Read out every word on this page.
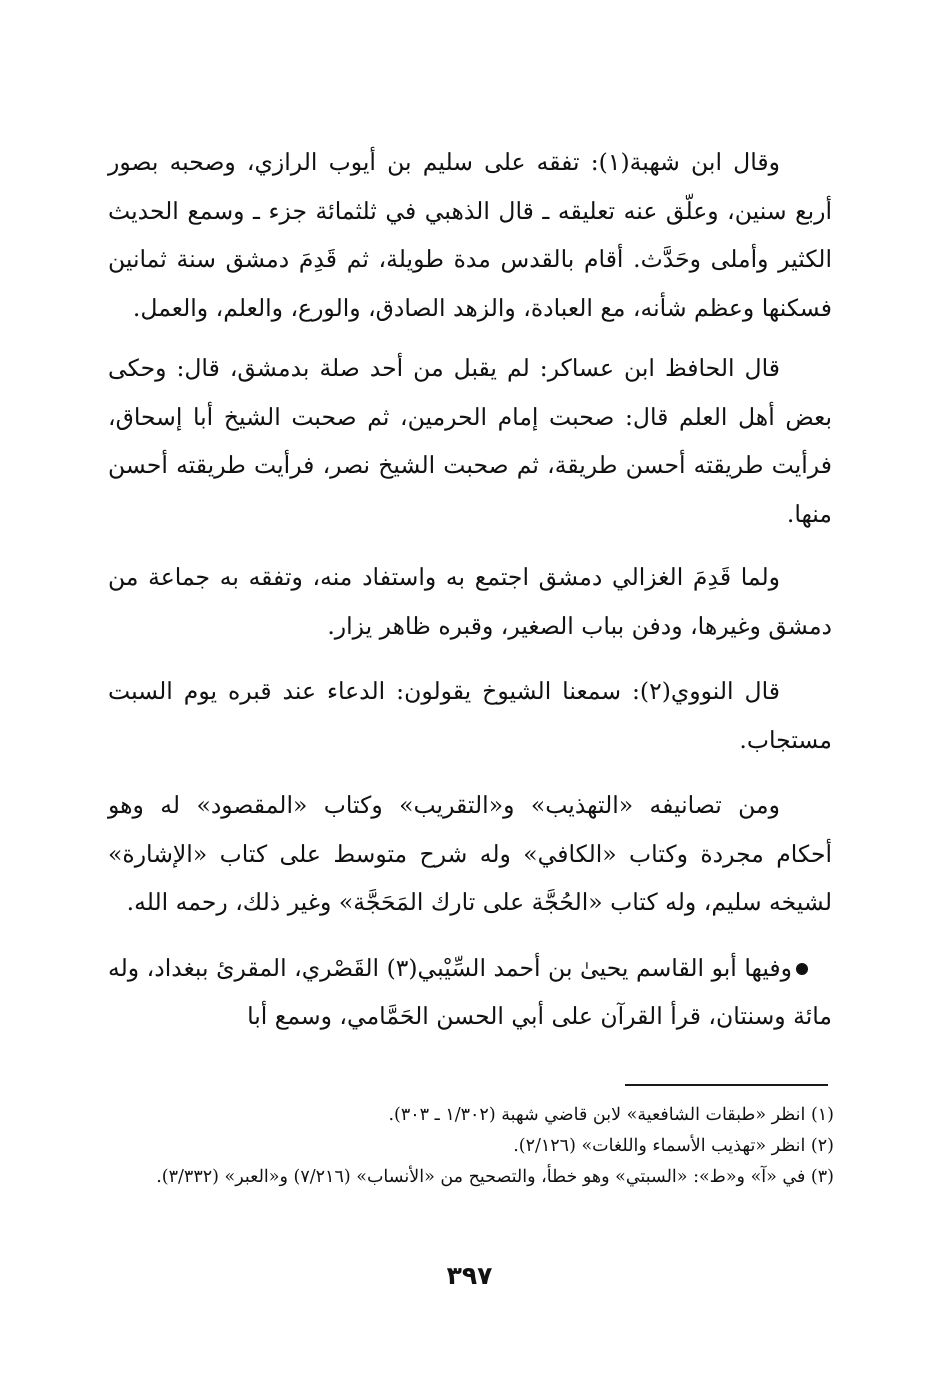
وقال ابن شهبة(١): تفقه على سليم بن أيوب الرازي، وصحبه بصور أربع سنين، وعلّق عنه تعليقه ـ قال الذهبي في ثلثمائة جزء ـ وسمع الحديث الكثير وأملى وحَدَّث. أقام بالقدس مدة طويلة، ثم قَدِمَ دمشق سنة ثمانين فسكنها وعظم شأنه، مع العبادة، والزهد الصادق، والورع، والعلم، والعمل.

قال الحافظ ابن عساكر: لم يقبل من أحد صلة بدمشق، قال: وحكى بعض أهل العلم قال: صحبت إمام الحرمين، ثم صحبت الشيخ أبا إسحاق، فرأيت طريقته أحسن طريقة، ثم صحبت الشيخ نصر، فرأيت طريقته أحسن منها.

ولما قَدِمَ الغزالي دمشق اجتمع به واستفاد منه، وتفقه به جماعة من دمشق وغيرها، ودفن بباب الصغير، وقبره ظاهر يزار.

قال النووي(٢): سمعنا الشيوخ يقولون: الدعاء عند قبره يوم السبت مستجاب.

ومن تصانيفه «التهذيب» و«التقريب» وكتاب «المقصود» له وهو أحكام مجردة وكتاب «الكافي» وله شرح متوسط على كتاب «الإشارة» لشيخه سليم، وله كتاب «الحُجَّة على تارك المَحَجَّة» وغير ذلك، رحمه الله.

وفيها أبو القاسم يحيىٰ بن أحمد السِّيْبي(٣) القَصْري، المقرئ ببغداد، وله مائة وسنتان، قرأ القرآن على أبي الحسن الحَمَّامي، وسمع أبا

(١) انظر «طبقات الشافعية» لابن قاضي شهبة (١/٣٠٢ ـ ٣٠٣).

(٢) انظر «تهذيب الأسماء واللغات» (٢/١٢٦).

(٣) في «آ» و«ط»: «السبتي» وهو خطأ، والتصحيح من «الأنساب» (٧/٢١٦) و«العبر» (٣/٣٣٢).

٣٩٧
